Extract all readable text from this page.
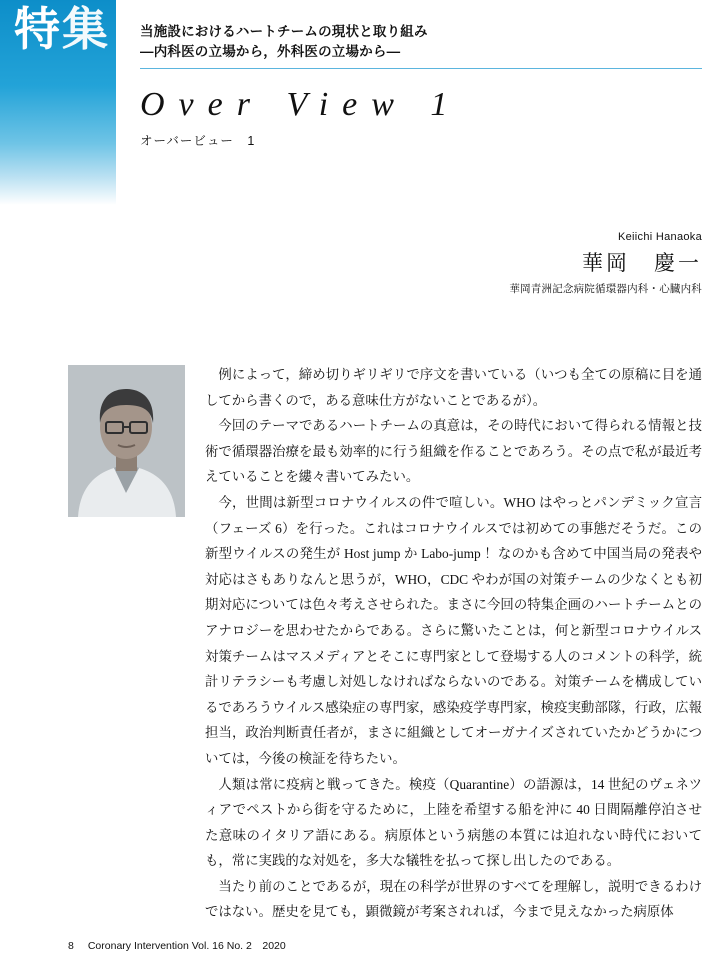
特集 当施設におけるハートチームの現状と取り組み
―内科医の立場から，外科医の立場から―
Over View 1
オーバービュー　1
Keiichi Hanaoka
華岡　慶一
華岡青洲記念病院循環器内科・心臓内科

例によって，締め切りギリギリで序文を書いている（いつも全ての原稿に目を通してから書くので，ある意味仕方がないことであるが）。

今回のテーマであるハートチームの真意は，その時代において得られる情報と技術で循環器治療を最も効率的に行う組織を作ることであろう。その点で私が最近考えていることを縷々書いてみたい。

今，世間は新型コロナウイルスの件で喧しい。WHO はやっとパンデミック宣言（フェーズ 6）を行った。これはコロナウイルスでは初めての事態だそうだ。この新型ウイルスの発生が Host jump か Labo-jump ！なのかも含めて中国当局の発表や対応はさもありなんと思うが，WHO，CDC やわが国の対策チームの少なくとも初期対応については色々考えさせられた。まさに今回の特集企画のハートチームとのアナロジーを思わせたからである。さらに驚いたことは，何と新型コロナウイルス対策チームはマスメディアとそこに専門家として登場する人のコメントの科学，統計リテラシーも考慮し対処しなければならないのである。対策チームを構成しているであろうウイルス感染症の専門家，感染疫学専門家，検疫実動部隊，行政，広報担当，政治判断責任者が，まさに組織としてオーガナイズされていたかどうかについては，今後の検証を待ちたい。

人類は常に疫病と戦ってきた。検疫（Quarantine）の語源は，14 世紀のヴェネツィアでペストから街を守るために，上陸を希望する船を沖に 40 日間隔離停泊させた意味のイタリア語にある。病原体という病態の本質には迫れない時代においても，常に実践的な対処を，多大な犠牲を払って探し出したのである。

当たり前のことであるが，現在の科学が世界のすべてを理解し，説明できるわけではない。歴史を見ても，顕微鏡が考案されれば，今まで見えなかった病原体

8 Coronary Intervention Vol. 16 No. 2　2020
